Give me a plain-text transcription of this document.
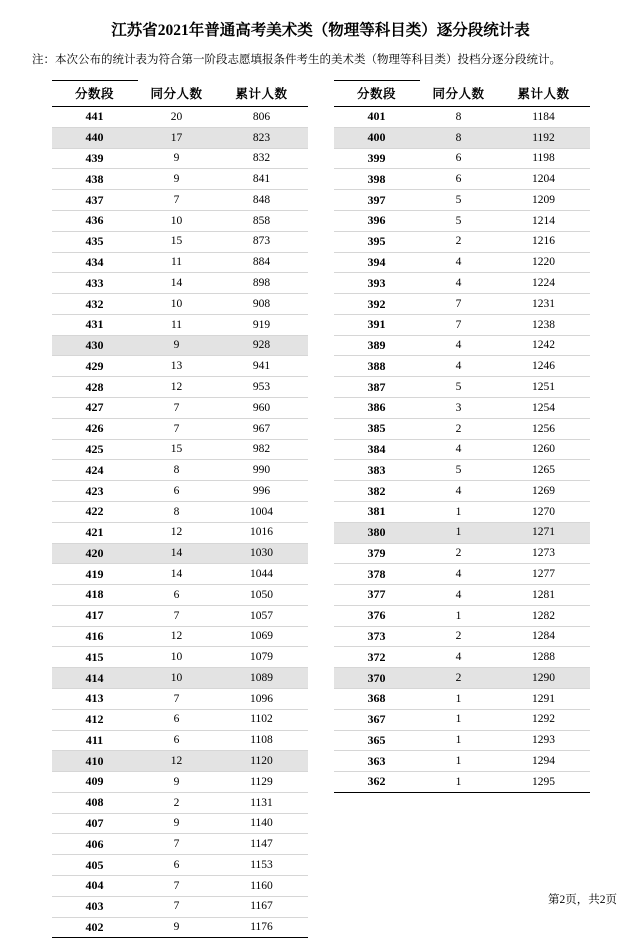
江苏省2021年普通高考美术类（物理等科目类）逐分段统计表
注：本次公布的统计表为符合第一阶段志愿填报条件考生的美术类（物理等科目类）投档分逐分段统计。
分数段	同分人数	累计人数
441	20	806
440	17	823
439	9	832
438	9	841
437	7	848
436	10	858
435	15	873
434	11	884
433	14	898
432	10	908
431	11	919
430	9	928
429	13	941
428	12	953
427	7	960
426	7	967
425	15	982
424	8	990
423	6	996
422	8	1004
421	12	1016
420	14	1030
419	14	1044
418	6	1050
417	7	1057
416	12	1069
415	10	1079
414	10	1089
413	7	1096
412	6	1102
411	6	1108
410	12	1120
409	9	1129
408	2	1131
407	9	1140
406	7	1147
405	6	1153
404	7	1160
403	7	1167
402	9	1176
分数段	同分人数	累计人数
401	8	1184
400	8	1192
399	6	1198
398	6	1204
397	5	1209
396	5	1214
395	2	1216
394	4	1220
393	4	1224
392	7	1231
391	7	1238
389	4	1242
388	4	1246
387	5	1251
386	3	1254
385	2	1256
384	4	1260
383	5	1265
382	4	1269
381	1	1270
380	1	1271
379	2	1273
378	4	1277
377	4	1281
376	1	1282
373	2	1284
372	4	1288
370	2	1290
368	1	1291
367	1	1292
365	1	1293
363	1	1294
362	1	1295
第2页，共2页
